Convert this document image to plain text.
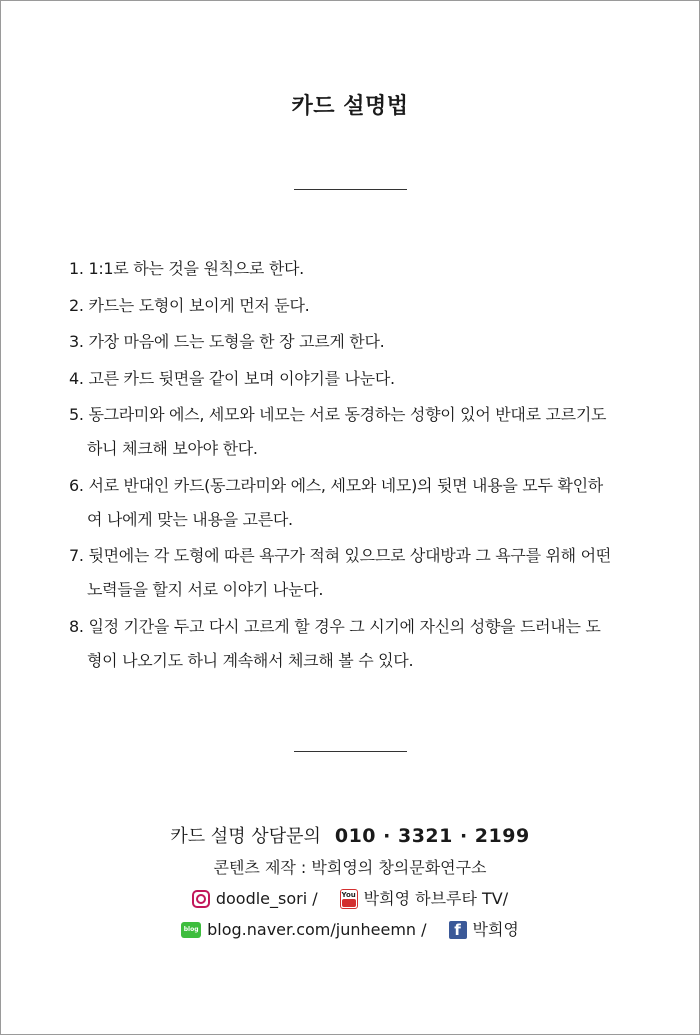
카드 설명법
1. 1:1로 하는 것을 원칙으로 한다.
2. 카드는 도형이 보이게 먼저 둔다.
3. 가장 마음에 드는 도형을 한 장 고르게 한다.
4. 고른 카드 뒷면을 같이 보며 이야기를 나눈다.
5. 동그라미와 에스, 세모와 네모는 서로 동경하는 성향이 있어 반대로 고르기도
하니 체크해 보아야 한다.
6. 서로 반대인 카드(동그라미와 에스, 세모와 네모)의 뒷면 내용을 모두 확인하
여 나에게 맞는 내용을 고른다.
7. 뒷면에는 각 도형에 따른 욕구가 적혀 있으므로 상대방과 그 욕구를 위해 어떤
노력들을 할지 서로 이야기 나눈다.
8. 일정 기간을 두고 다시 고르게 할 경우 그 시기에 자신의 성향을 드러내는 도
형이 나오기도 하니 계속해서 체크해 볼 수 있다.
카드 설명 상담문의 010 · 3321 · 2199
콘텐츠 제작 : 박희영의 창의문화연구소
doodle_sori /	You 박희영 하브루타 TV/
blog blog.naver.com/junheemn /	f 박희영
